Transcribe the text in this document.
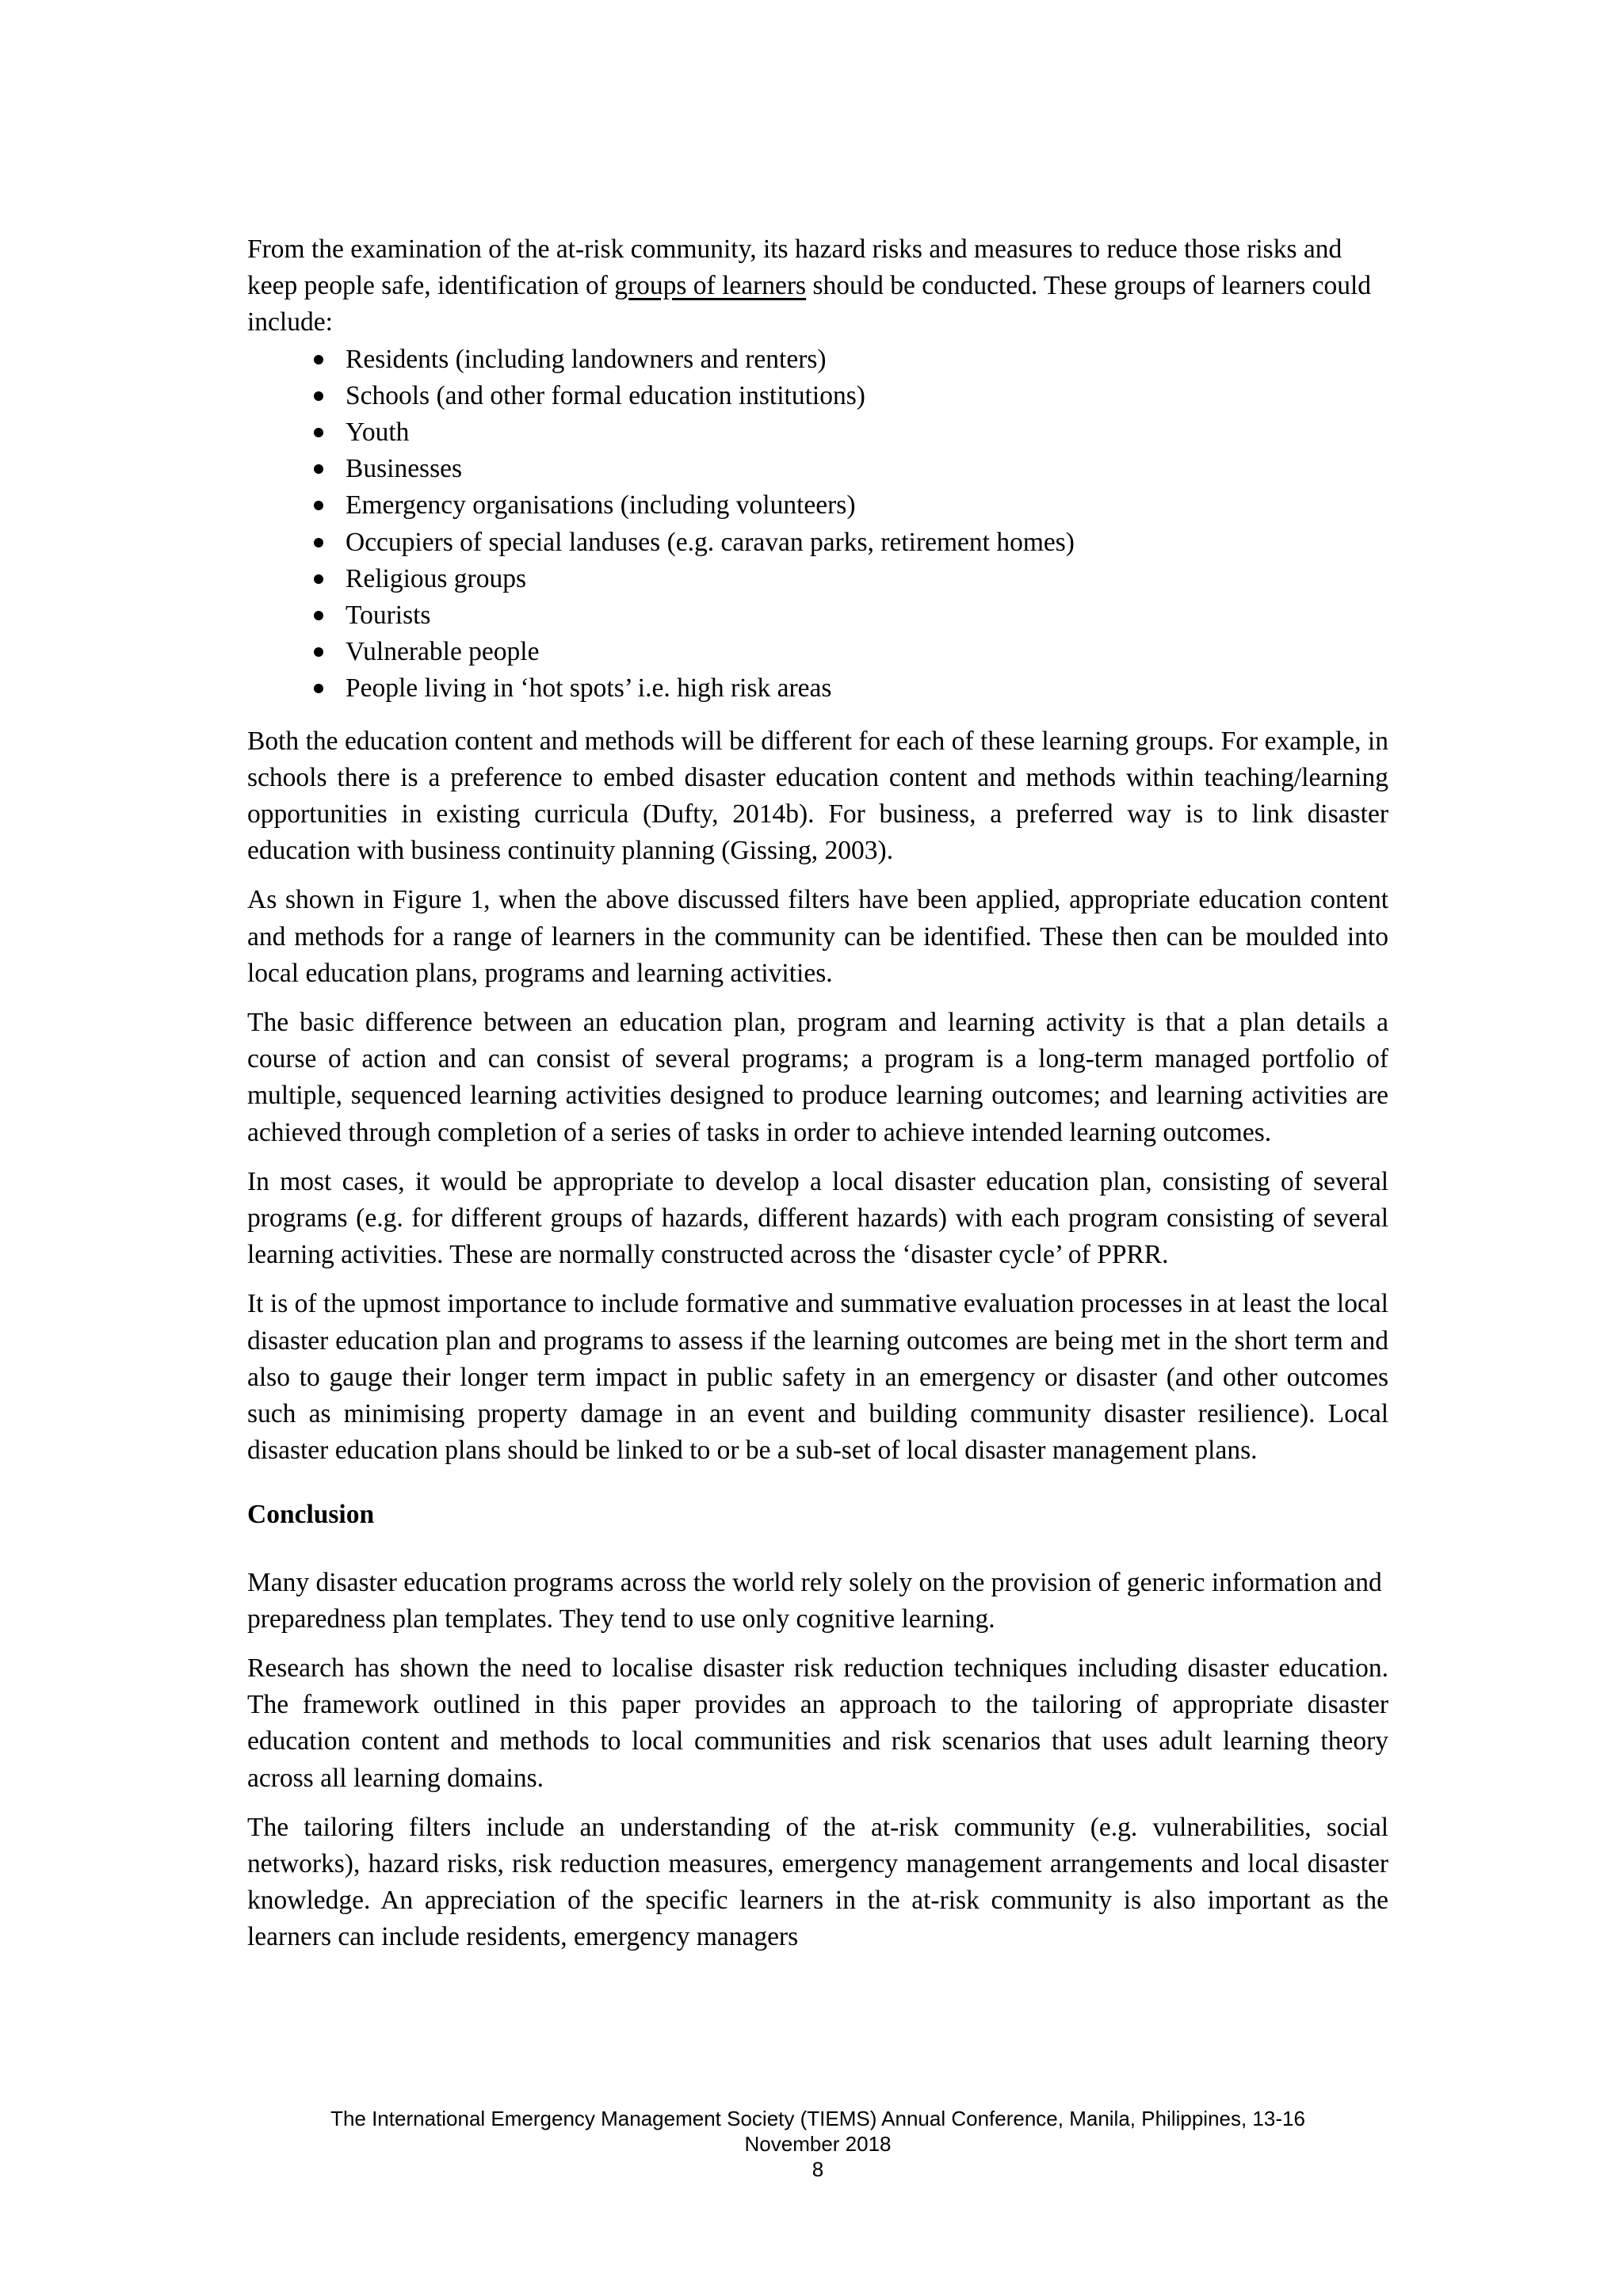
From the examination of the at-risk community, its hazard risks and measures to reduce those risks and keep people safe, identification of groups of learners should be conducted. These groups of learners could include:

Residents (including landowners and renters)
Schools (and other formal education institutions)
Youth
Businesses
Emergency organisations (including volunteers)
Occupiers of special landuses (e.g. caravan parks, retirement homes)
Religious groups
Tourists
Vulnerable people
People living in ‘hot spots’ i.e. high risk areas

Both the education content and methods will be different for each of these learning groups. For example, in schools there is a preference to embed disaster education content and methods within teaching/learning opportunities in existing curricula (Dufty, 2014b). For business, a preferred way is to link disaster education with business continuity planning (Gissing, 2003).

As shown in Figure 1, when the above discussed filters have been applied, appropriate education content and methods for a range of learners in the community can be identified. These then can be moulded into local education plans, programs and learning activities.

The basic difference between an education plan, program and learning activity is that a plan details a course of action and can consist of several programs; a program is a long-term managed portfolio of multiple, sequenced learning activities designed to produce learning outcomes; and learning activities are achieved through completion of a series of tasks in order to achieve intended learning outcomes.

In most cases, it would be appropriate to develop a local disaster education plan, consisting of several programs (e.g. for different groups of hazards, different hazards) with each program consisting of several learning activities. These are normally constructed across the ‘disaster cycle’ of PPRR.

It is of the upmost importance to include formative and summative evaluation processes in at least the local disaster education plan and programs to assess if the learning outcomes are being met in the short term and also to gauge their longer term impact in public safety in an emergency or disaster (and other outcomes such as minimising property damage in an event and building community disaster resilience). Local disaster education plans should be linked to or be a sub-set of local disaster management plans.

Conclusion

Many disaster education programs across the world rely solely on the provision of generic information and preparedness plan templates. They tend to use only cognitive learning.

Research has shown the need to localise disaster risk reduction techniques including disaster education. The framework outlined in this paper provides an approach to the tailoring of appropriate disaster education content and methods to local communities and risk scenarios that uses adult learning theory across all learning domains.

The tailoring filters include an understanding of the at-risk community (e.g. vulnerabilities, social networks), hazard risks, risk reduction measures, emergency management arrangements and local disaster knowledge. An appreciation of the specific learners in the at-risk community is also important as the learners can include residents, emergency managers

The International Emergency Management Society (TIEMS) Annual Conference, Manila, Philippines, 13-16
November 2018
8
